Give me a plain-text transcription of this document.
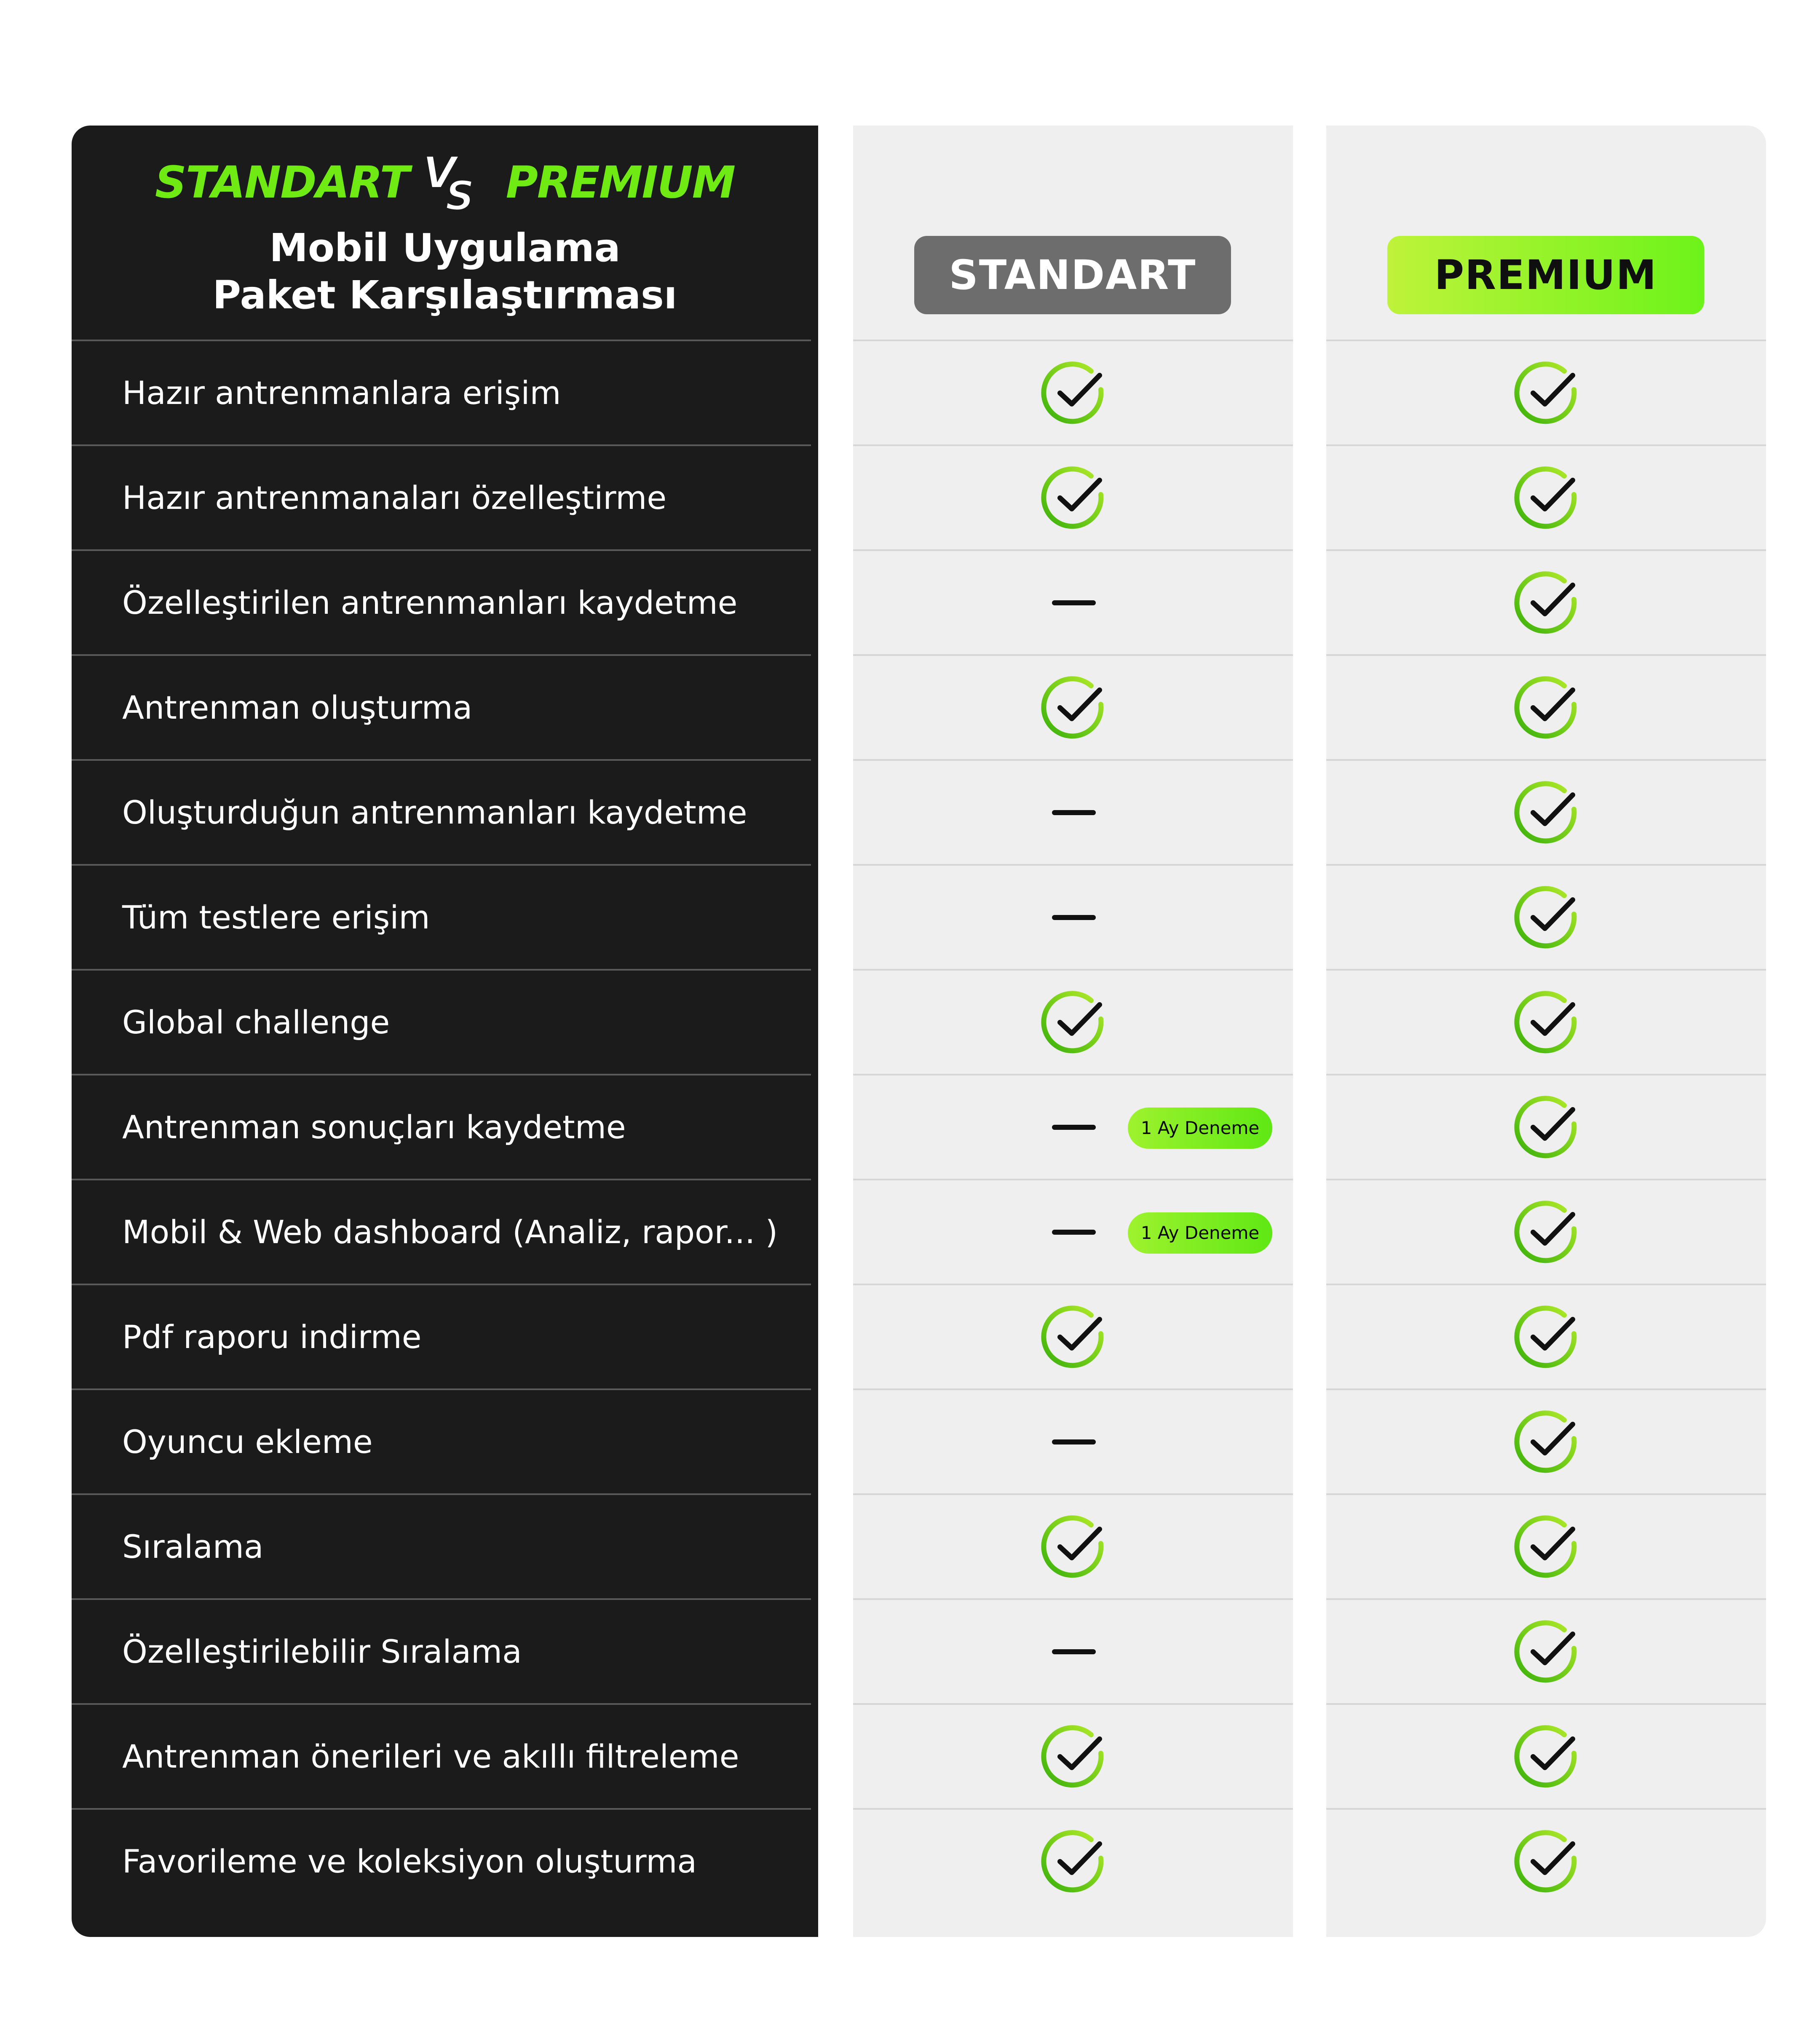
STANDART V
S PREMIUM
Mobil Uygulama
Paket Karşılaştırması
Hazır antrenmanlara erişim
Hazır antrenmanaları özelleştirme
Özelleştirilen antrenmanları kaydetme
Antrenman oluşturma
Oluşturduğun antrenmanları kaydetme
Tüm testlere erişim
Global challenge
Antrenman sonuçları kaydetme
Mobil & Web dashboard (Analiz, rapor... )
Pdf raporu indirme
Oyuncu ekleme
Sıralama
Özelleştirilebilir Sıralama
Antrenman önerileri ve akıllı filtreleme
Favorileme ve koleksiyon oluşturma
STANDART
1 Ay Deneme
1 Ay Deneme
PREMIUM
